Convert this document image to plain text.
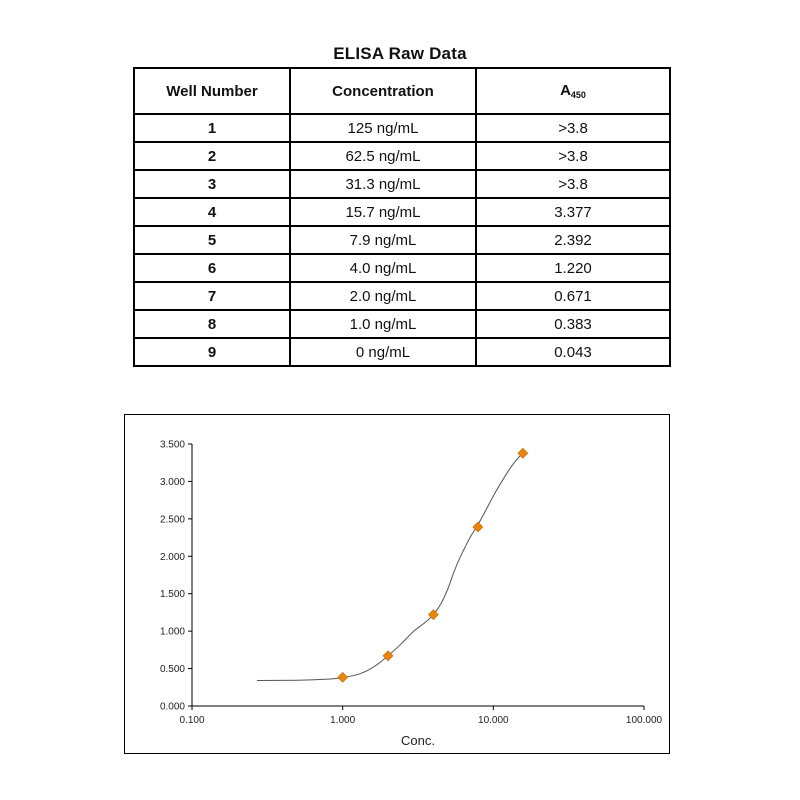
ELISA Raw Data
Well Number	Concentration	$A_{450}$
1	125 ng/mL	>3.8
2	62.5 ng/mL	>3.8
3	31.3 ng/mL	>3.8
4	15.7 ng/mL	3.377
5	7.9 ng/mL	2.392
6	4.0 ng/mL	1.220
7	2.0 ng/mL	0.671
8	1.0 ng/mL	0.383
9	0 ng/mL	0.043
0.000
0.500
1.000
1.500
2.000
2.500
3.000
3.500
0.100	1.000	10.000	100.000
Conc.
